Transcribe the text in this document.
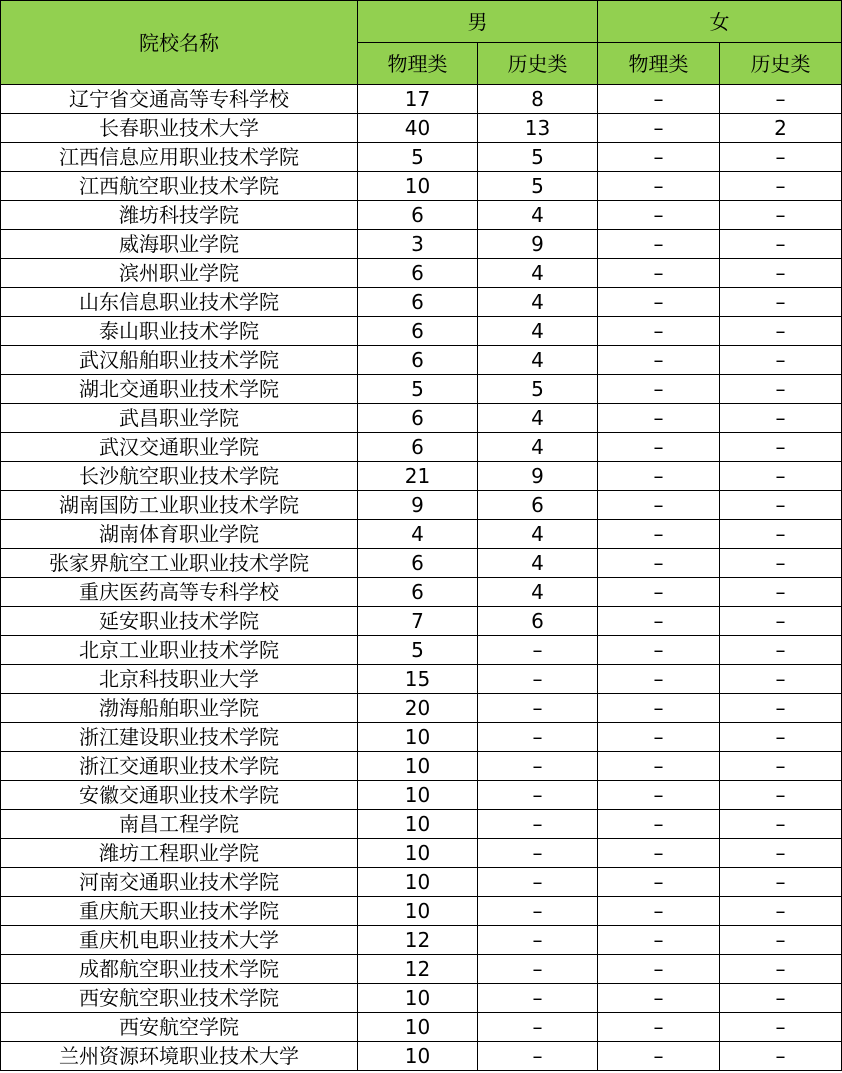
院校名称	男		女	
	物理类	历史类	物理类	历史类
辽宁省交通高等专科学校	17	8	–	–
长春职业技术大学	40	13	–	2
江西信息应用职业技术学院	5	5	–	–
江西航空职业技术学院	10	5	–	–
潍坊科技学院	6	4	–	–
威海职业学院	3	9	–	–
滨州职业学院	6	4	–	–
山东信息职业技术学院	6	4	–	–
泰山职业技术学院	6	4	–	–
武汉船舶职业技术学院	6	4	–	–
湖北交通职业技术学院	5	5	–	–
武昌职业学院	6	4	–	–
武汉交通职业学院	6	4	–	–
长沙航空职业技术学院	21	9	–	–
湖南国防工业职业技术学院	9	6	–	–
湖南体育职业学院	4	4	–	–
张家界航空工业职业技术学院	6	4	–	–
重庆医药高等专科学校	6	4	–	–
延安职业技术学院	7	6	–	–
北京工业职业技术学院	5	–	–	–
北京科技职业大学	15	–	–	–
渤海船舶职业学院	20	–	–	–
浙江建设职业技术学院	10	–	–	–
浙江交通职业技术学院	10	–	–	–
安徽交通职业技术学院	10	–	–	–
南昌工程学院	10	–	–	–
潍坊工程职业学院	10	–	–	–
河南交通职业技术学院	10	–	–	–
重庆航天职业技术学院	10	–	–	–
重庆机电职业技术大学	12	–	–	–
成都航空职业技术学院	12	–	–	–
西安航空职业技术学院	10	–	–	–
西安航空学院	10	–	–	–
兰州资源环境职业技术大学	10	–	–	–
